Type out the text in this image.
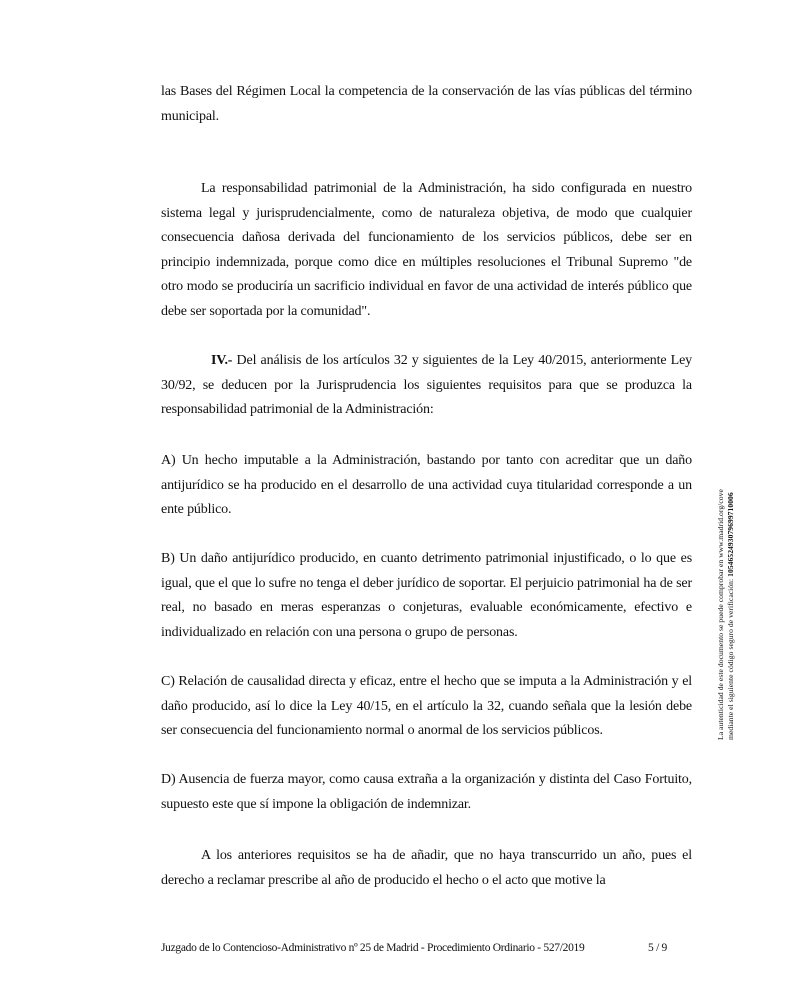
las Bases del Régimen Local la competencia de la conservación de las vías públicas del término municipal.

La responsabilidad patrimonial de la Administración, ha sido configurada en nuestro sistema legal y jurisprudencialmente, como de naturaleza objetiva, de modo que cualquier consecuencia dañosa derivada del funcionamiento de los servicios públicos, debe ser en principio indemnizada, porque como dice en múltiples resoluciones el Tribunal Supremo "de otro modo se produciría un sacrificio individual en favor de una actividad de interés público que debe ser soportada por la comunidad".

IV.- Del análisis de los artículos 32 y siguientes de la Ley 40/2015, anteriormente Ley 30/92, se deducen por la Jurisprudencia los siguientes requisitos para que se produzca la responsabilidad patrimonial de la Administración:

A) Un hecho imputable a la Administración, bastando por tanto con acreditar que un daño antijurídico se ha producido en el desarrollo de una actividad cuya titularidad corresponde a un ente público.

B) Un daño antijurídico producido, en cuanto detrimento patrimonial injustificado, o lo que es igual, que el que lo sufre no tenga el deber jurídico de soportar. El perjuicio patrimonial ha de ser real, no basado en meras esperanzas o conjeturas, evaluable económicamente, efectivo e individualizado en relación con una persona o grupo de personas.

C) Relación de causalidad directa y eficaz, entre el hecho que se imputa a la Administración y el daño producido, así lo dice la Ley 40/15, en el artículo la 32, cuando señala que la lesión debe ser consecuencia del funcionamiento normal o anormal de los servicios públicos.

D) Ausencia de fuerza mayor, como causa extraña a la organización y distinta del Caso Fortuito, supuesto este que sí impone la obligación de indemnizar.

A los anteriores requisitos se ha de añadir, que no haya transcurrido un año, pues el derecho a reclamar prescribe al año de producido el hecho o el acto que motive la

Juzgado de lo Contencioso-Administrativo nº 25 de Madrid - Procedimiento Ordinario - 527/2019	5 / 9
La autenticidad de este documento se puede comprobar en www.madrid.org/cove mediante el siguiente código seguro de verificación: 1054652493079699710006
